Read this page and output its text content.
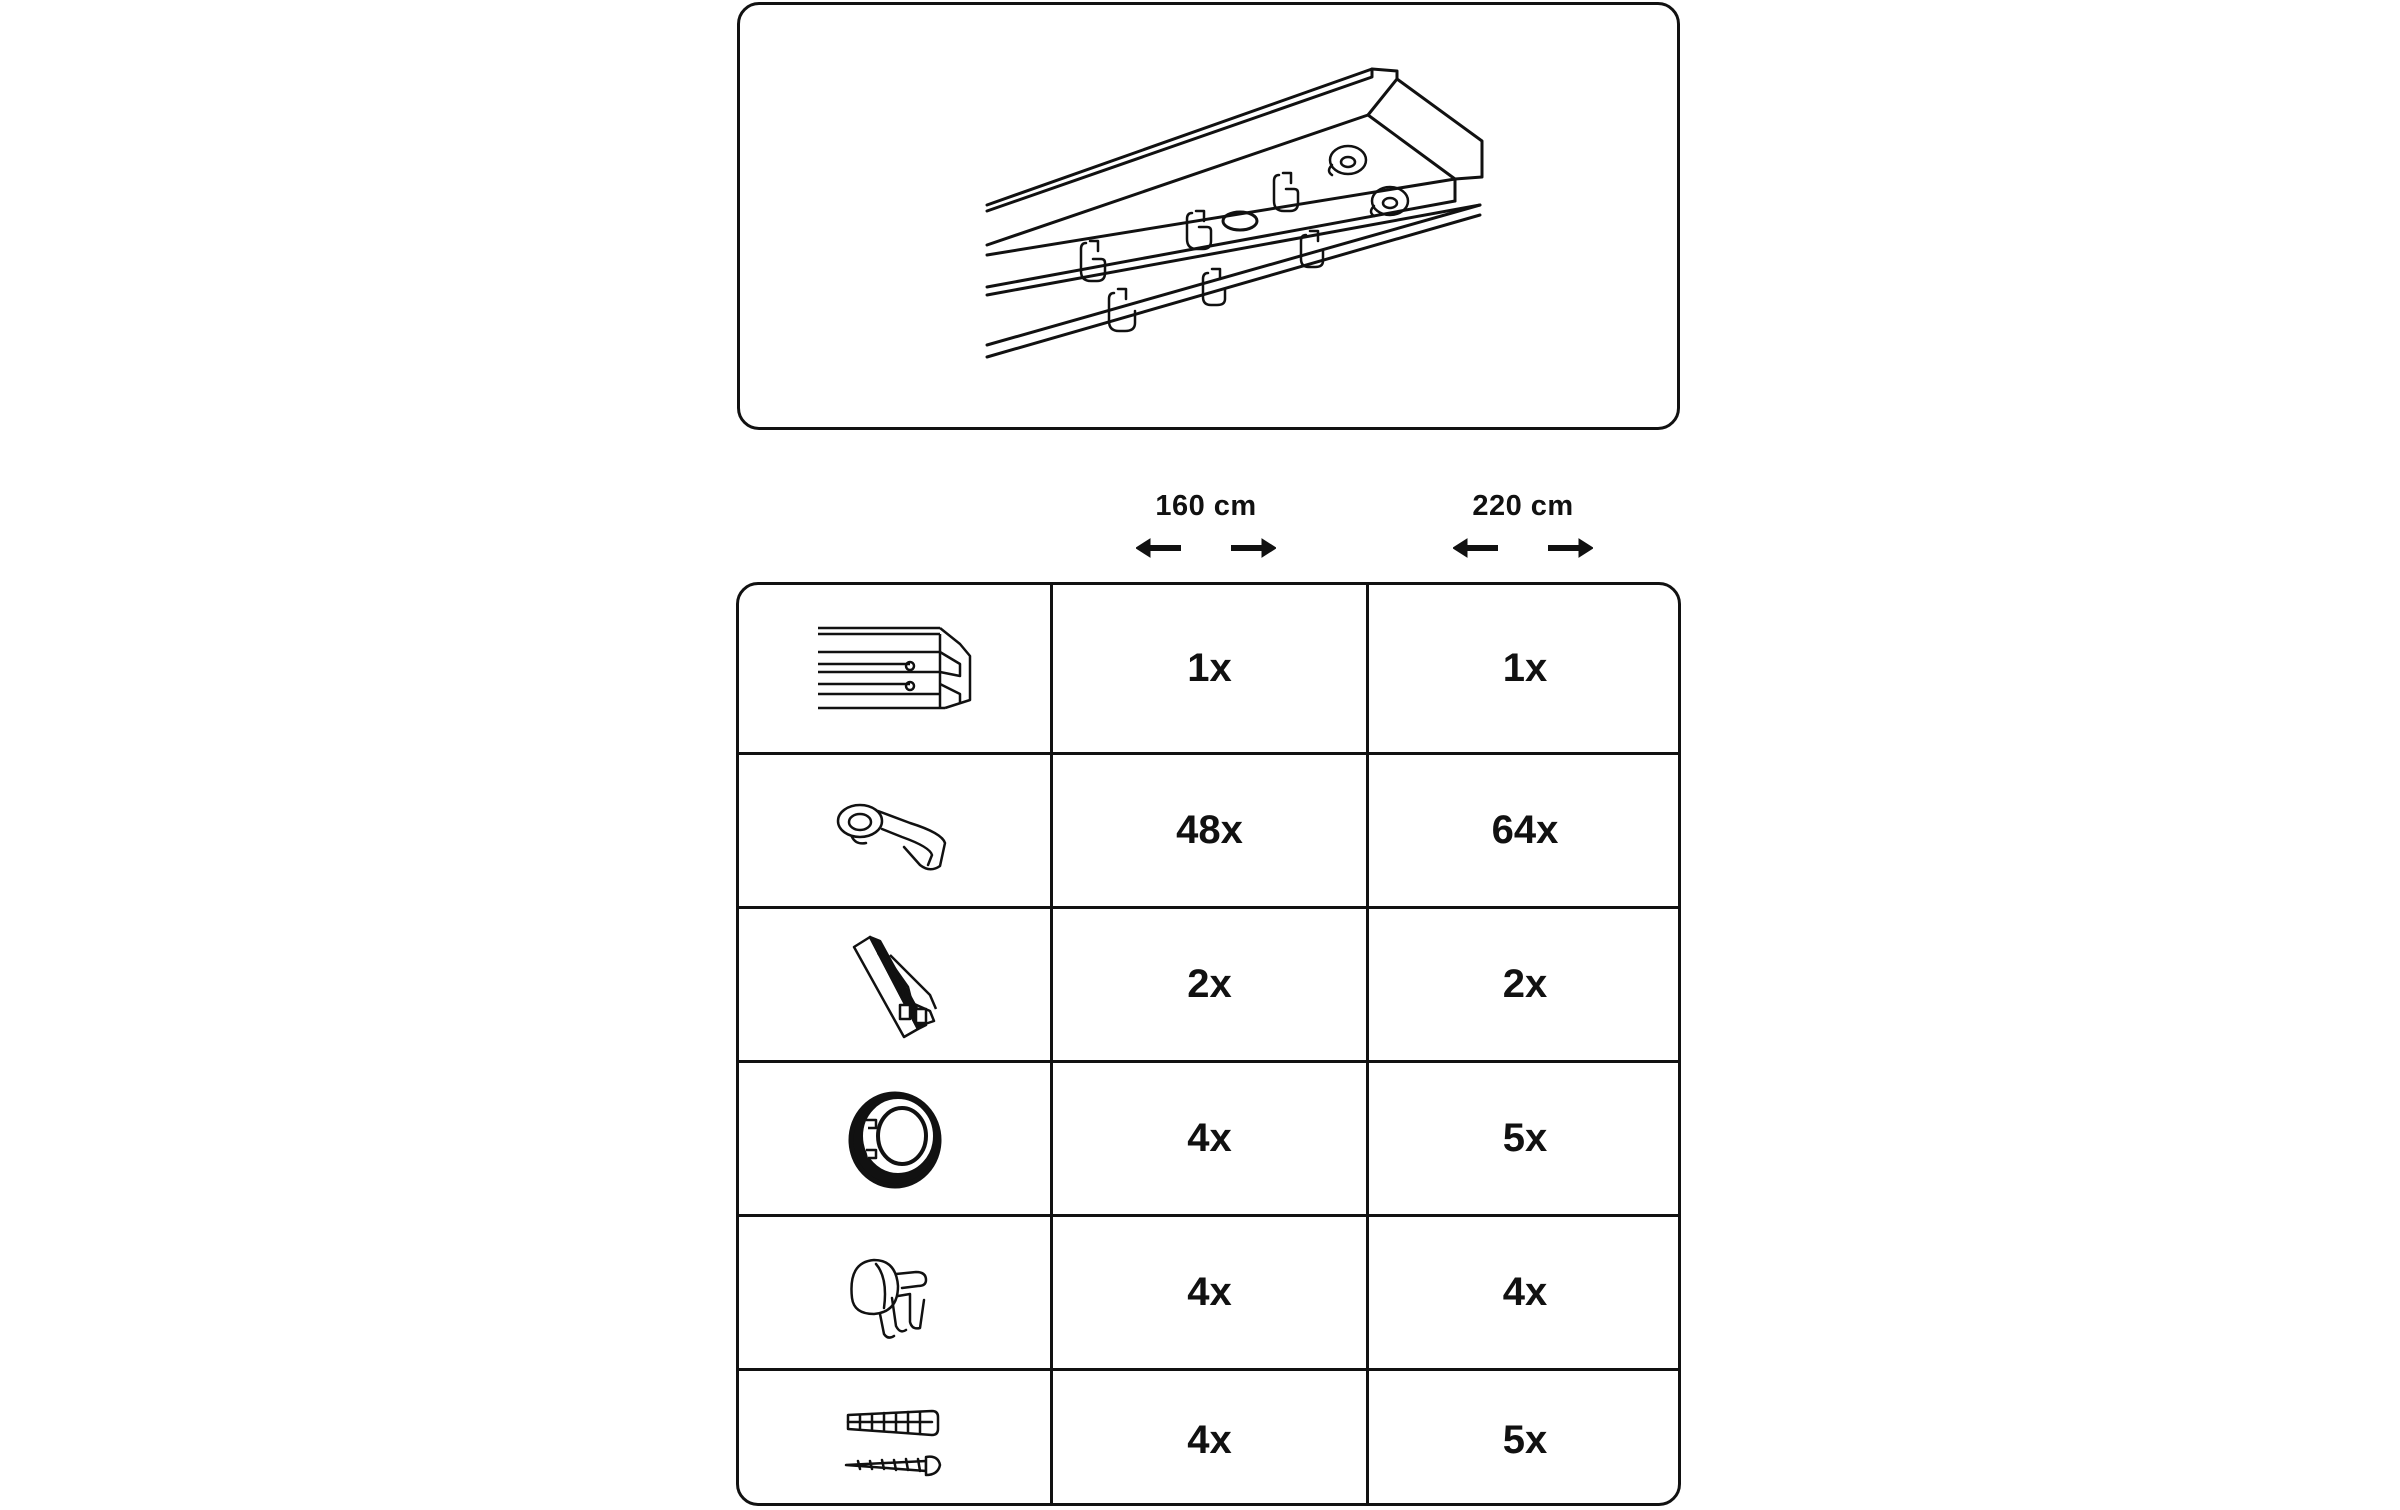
160 cm	220 cm
1x	1x
48x	64x
2x	2x
4x	5x
4x	4x
4x	5x
